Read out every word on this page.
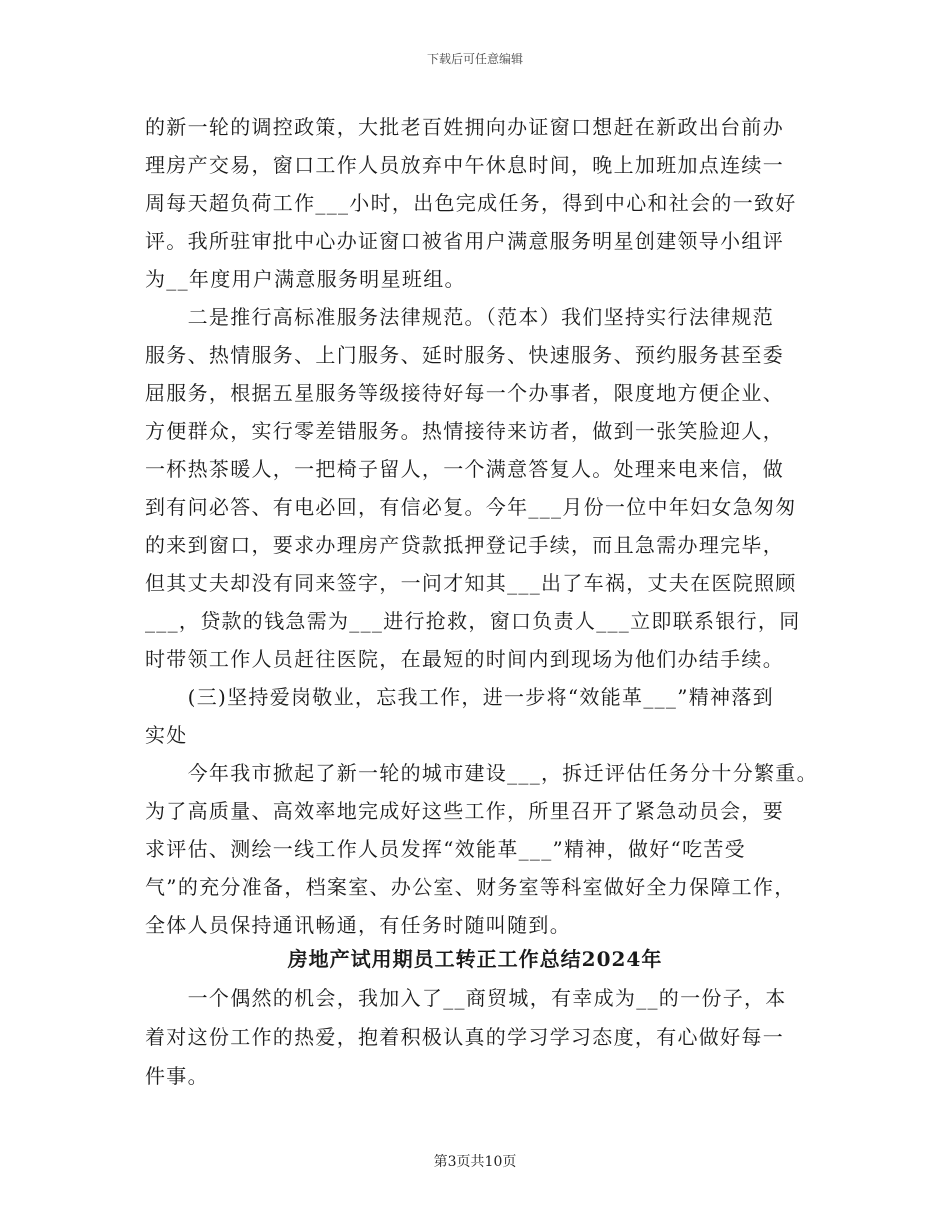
下载后可任意编辑
的新一轮的调控政策，大批老百姓拥向办证窗口想赶在新政出台前办
理房产交易，窗口工作人员放弃中午休息时间，晚上加班加点连续一
周每天超负荷工作___小时，出色完成任务，得到中心和社会的一致好
评。我所驻审批中心办证窗口被省用户满意服务明星创建领导小组评
为__年度用户满意服务明星班组。
　　二是推行高标准服务法律规范。（范本）我们坚持实行法律规范
服务、热情服务、上门服务、延时服务、快速服务、预约服务甚至委
屈服务，根据五星服务等级接待好每一个办事者，限度地方便企业、
方便群众，实行零差错服务。热情接待来访者，做到一张笑脸迎人，
一杯热茶暖人，一把椅子留人，一个满意答复人。处理来电来信，做
到有问必答、有电必回，有信必复。今年___月份一位中年妇女急匆匆
的来到窗口，要求办理房产贷款抵押登记手续，而且急需办理完毕，
但其丈夫却没有同来签字，一问才知其___出了车祸，丈夫在医院照顾
___，贷款的钱急需为___进行抢救，窗口负责人___立即联系银行，同
时带领工作人员赶往医院，在最短的时间内到现场为他们办结手续。
　　(三)坚持爱岗敬业，忘我工作，进一步将“效能革___”精神落到
实处
　　今年我市掀起了新一轮的城市建设___，拆迁评估任务分十分繁重。
为了高质量、高效率地完成好这些工作，所里召开了紧急动员会，要
求评估、测绘一线工作人员发挥“效能革___”精神，做好“吃苦受
气”的充分准备，档案室、办公室、财务室等科室做好全力保障工作，
全体人员保持通讯畅通，有任务时随叫随到。
房地产试用期员工转正工作总结2024年
　　一个偶然的机会，我加入了__商贸城，有幸成为__的一份子，本
着对这份工作的热爱，抱着积极认真的学习学习态度，有心做好每一
件事。
第3页共10页
